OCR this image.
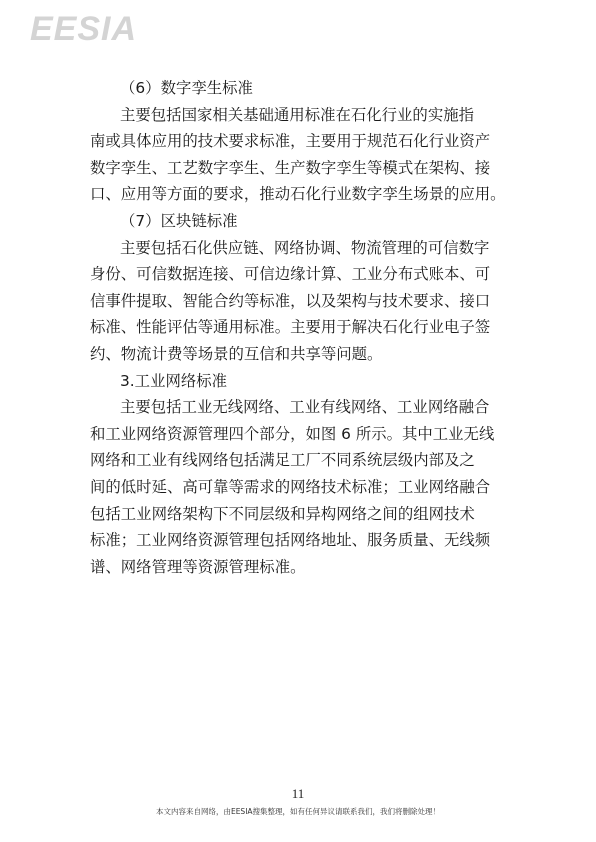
EESIA
（6）数字孪生标准
主要包括国家相关基础通用标准在石化行业的实施指
南或具体应用的技术要求标准，主要用于规范石化行业资产
数字孪生、工艺数字孪生、生产数字孪生等模式在架构、接
口、应用等方面的要求，推动石化行业数字孪生场景的应用。
（7）区块链标准
主要包括石化供应链、网络协调、物流管理的可信数字
身份、可信数据连接、可信边缘计算、工业分布式账本、可
信事件提取、智能合约等标准，以及架构与技术要求、接口
标准、性能评估等通用标准。主要用于解决石化行业电子签
约、物流计费等场景的互信和共享等问题。
3.工业网络标准
主要包括工业无线网络、工业有线网络、工业网络融合
和工业网络资源管理四个部分，如图 6 所示。其中工业无线
网络和工业有线网络包括满足工厂不同系统层级内部及之
间的低时延、高可靠等需求的网络技术标准；工业网络融合
包括工业网络架构下不同层级和异构网络之间的组网技术
标准；工业网络资源管理包括网络地址、服务质量、无线频
谱、网络管理等资源管理标准。
11
本文内容来自网络，由EESIA搜集整理，如有任何异议请联系我们，我们将删除处理！
